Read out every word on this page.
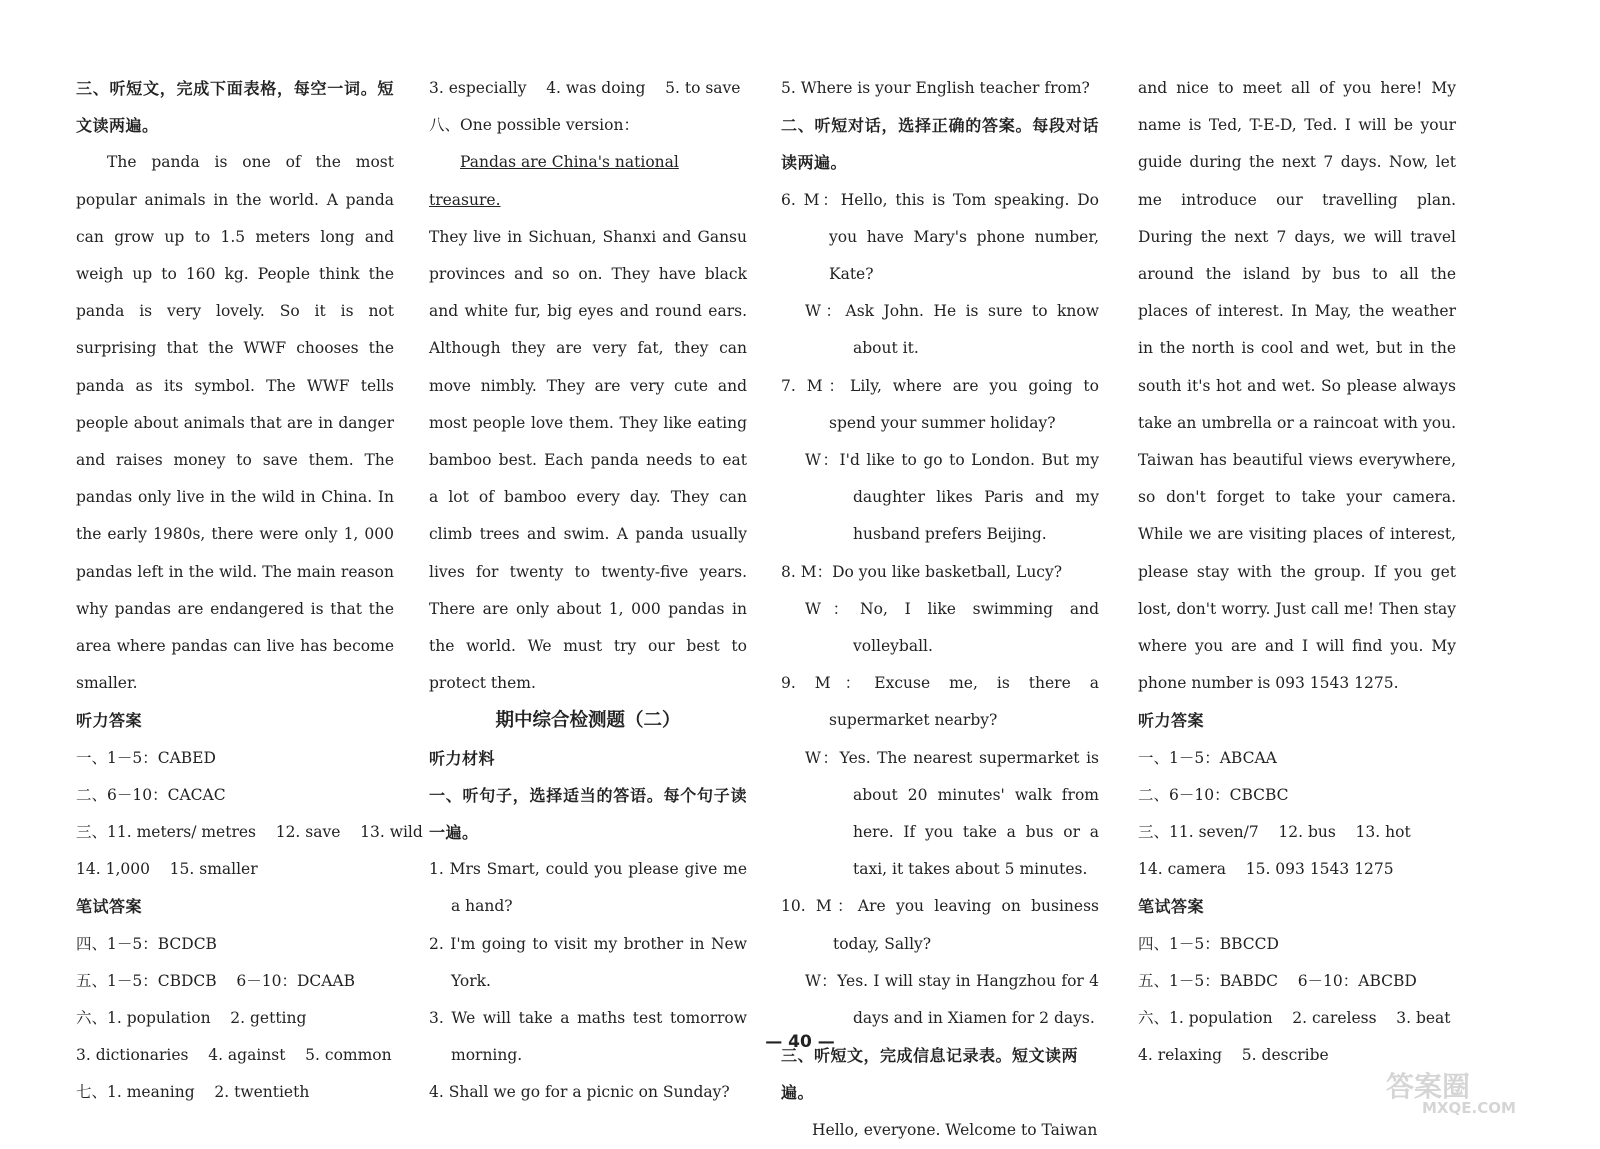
三、听短文，完成下面表格，每空一词。短文读两遍。

The panda is one of the most popular animals in the world. A panda can grow up to 1.5 meters long and weigh up to 160 kg. People think the panda is very lovely. So it is not surprising that the WWF chooses the panda as its symbol. The WWF tells people about animals that are in danger and raises money to save them. The pandas only live in the wild in China. In the early 1980s, there were only 1, 000 pandas left in the wild. The main reason why pandas are endangered is that the area where pandas can live has become smaller.

听力答案

一、1－5：CABED

二、6－10：CACAC

三、11. meters/ metres    12. save    13. wild

14. 1,000    15. smaller

笔试答案

四、1－5：BCDCB

五、1－5：CBDCB    6－10：DCAAB

六、1. population    2. getting

3. dictionaries    4. against    5. common

七、1. meaning    2. twentieth

3. especially    4. was doing    5. to save

八、One possible version：

Pandas are China's national treasure.

They live in Sichuan, Shanxi and Gansu provinces and so on. They have black and white fur, big eyes and round ears. Although they are very fat, they can move nimbly. They are very cute and most people love them. They like eating bamboo best. Each panda needs to eat a lot of bamboo every day. They can climb trees and swim. A panda usually lives for twenty to twenty-five years. There are only about 1, 000 pandas in the world. We must try our best to protect them.

期中综合检测题（二）

听力材料

一、听句子，选择适当的答语。每个句子读一遍。

1. Mrs Smart, could you please give me a hand?

2. I'm going to visit my brother in New York.

3. We will take a maths test tomorrow morning.

4. Shall we go for a picnic on Sunday?

5. Where is your English teacher from?

二、听短对话，选择正确的答案。每段对话读两遍。

6. M：Hello, this is Tom speaking. Do you have Mary's phone number, Kate?

W：Ask John. He is sure to know about it.

7. M：Lily, where are you going to spend your summer holiday?

W：I'd like to go to London. But my daughter likes Paris and my husband prefers Beijing.

8. M：Do you like basketball, Lucy?

W：No, I like swimming and volleyball.

9. M：Excuse me, is there a supermarket nearby?

W：Yes. The nearest supermarket is about 20 minutes' walk from here. If you take a bus or a taxi, it takes about 5 minutes.

10. M：Are you leaving on business today, Sally?

W：Yes. I will stay in Hangzhou for 4 days and in Xiamen for 2 days.

三、听短文，完成信息记录表。短文读两遍。

Hello, everyone. Welcome to Taiwan

and nice to meet all of you here! My name is Ted, T-E-D, Ted. I will be your guide during the next 7 days. Now, let me introduce our travelling plan. During the next 7 days, we will travel around the island by bus to all the places of interest. In May, the weather in the north is cool and wet, but in the south it's hot and wet. So please always take an umbrella or a raincoat with you. Taiwan has beautiful views everywhere, so don't forget to take your camera. While we are visiting places of interest, please stay with the group. If you get lost, don't worry. Just call me! Then stay where you are and I will find you. My phone number is 093 1543 1275.

听力答案

一、1－5：ABCAA

二、6－10：CBCBC

三、11. seven/7    12. bus    13. hot

14. camera    15. 093 1543 1275

笔试答案

四、1－5：BBCCD

五、1－5：BABDC    6－10：ABCBD

六、1. population    2. careless    3. beat

4. relaxing    5. describe

— 40 —
答案圈
MXQE.COM
